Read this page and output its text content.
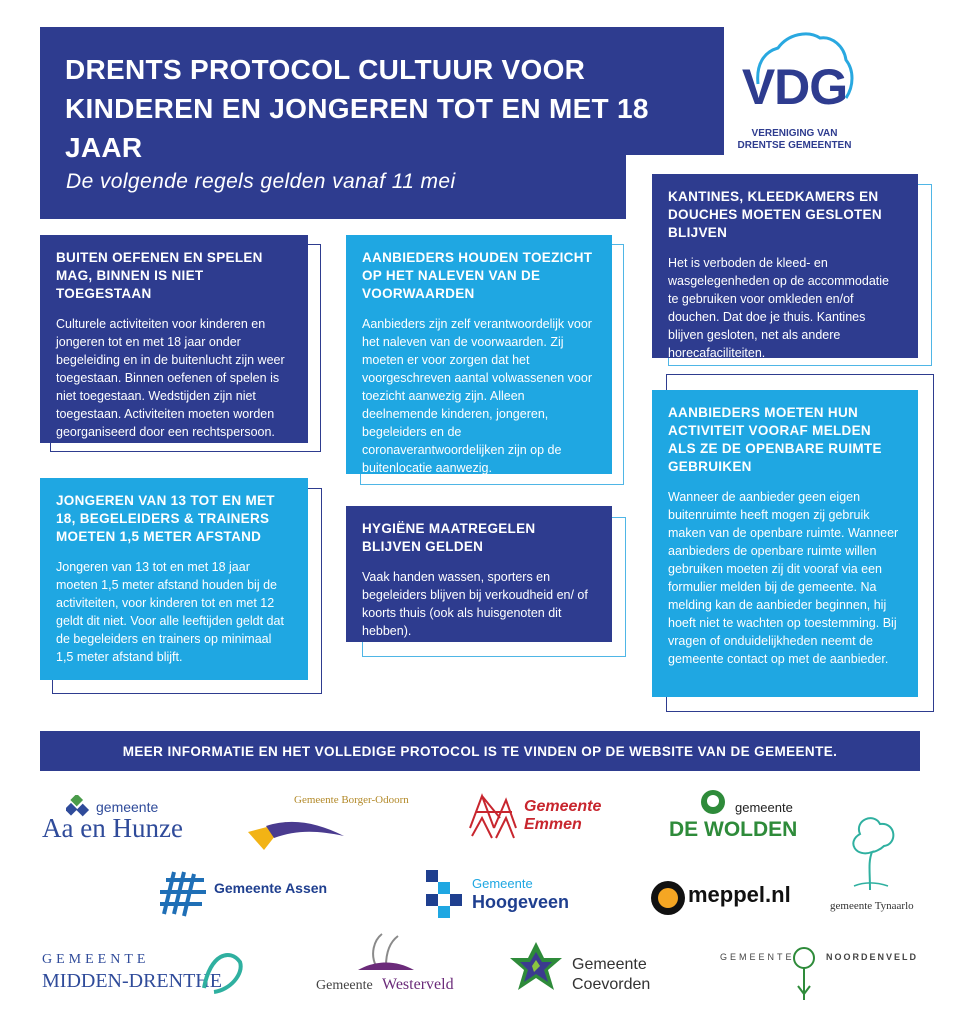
DRENTS PROTOCOL CULTUUR VOOR
KINDEREN EN JONGEREN TOT EN MET 18 JAAR
De volgende regels gelden vanaf 11 mei
VDG
VERENIGING VAN
DRENTSE GEMEENTEN
BUITEN OEFENEN EN SPELEN MAG, BINNEN IS NIET TOEGESTAAN

Culturele activiteiten voor kinderen en jongeren tot en met 18 jaar onder begeleiding en in de buitenlucht zijn weer toegestaan. Binnen oefenen of spelen is niet toegestaan. Wedstijden zijn niet toegestaan. Activiteiten moeten worden georganiseerd door een rechtspersoon.

JONGEREN VAN 13 TOT EN MET 18, BEGELEIDERS & TRAINERS MOETEN 1,5 METER AFSTAND

Jongeren van 13 tot en met 18 jaar moeten 1,5 meter afstand houden bij de activiteiten, voor kinderen tot en met 12 geldt dit niet. Voor alle leeftijden geldt dat de begeleiders en trainers op minimaal 1,5 meter afstand blijft.

AANBIEDERS HOUDEN TOEZICHT OP HET NALEVEN VAN DE VOORWAARDEN

Aanbieders zijn zelf verantwoordelijk voor het naleven van de voorwaarden. Zij moeten er voor zorgen dat het voorgeschreven aantal volwassenen voor toezicht aanwezig zijn. Alleen deelnemende kinderen, jongeren, begeleiders en de coronaverantwoordelijken zijn op de buitenlocatie aanwezig.

HYGIËNE MAATREGELEN BLIJVEN GELDEN

Vaak handen wassen, sporters en begeleiders blijven bij verkoudheid en/ of koorts thuis (ook als huisgenoten dit hebben).

KANTINES, KLEEDKAMERS EN DOUCHES MOETEN GESLOTEN BLIJVEN

Het is verboden de kleed- en wasgelegenheden op de accommodatie te gebruiken voor omkleden en/of douchen. Dat doe je thuis. Kantines blijven gesloten, net als andere horecafaciliteiten.

AANBIEDERS MOETEN HUN ACTIVITEIT VOORAF MELDEN ALS ZE DE OPENBARE RUIMTE GEBRUIKEN

Wanneer de aanbieder geen eigen buitenruimte heeft mogen zij gebruik maken van de openbare ruimte. Wanneer aanbieders de openbare ruimte willen gebruiken moeten zij dit vooraf via een formulier melden bij de gemeente. Na melding kan de aanbieder beginnen, hij hoeft niet te wachten op toestemming. Bij vragen of onduidelijkheden neemt de gemeente contact op met de aanbieder.

MEER INFORMATIE EN HET VOLLEDIGE PROTOCOL IS TE VINDEN OP DE WEBSITE VAN DE GEMEENTE.
gemeente
Aa en Hunze
Gemeente Borger-Odoorn	Gemeente
Emmen
gemeente
DE WOLDEN
gemeente Tynaarlo
Gemeente Assen	Gemeente
Hoogeveen	meppel.nl
GEMEENTE
MIDDEN-DRENTHE	Gemeente Westerveld
Gemeente
Coevorden
GEMEENTE	NOORDENVELD
